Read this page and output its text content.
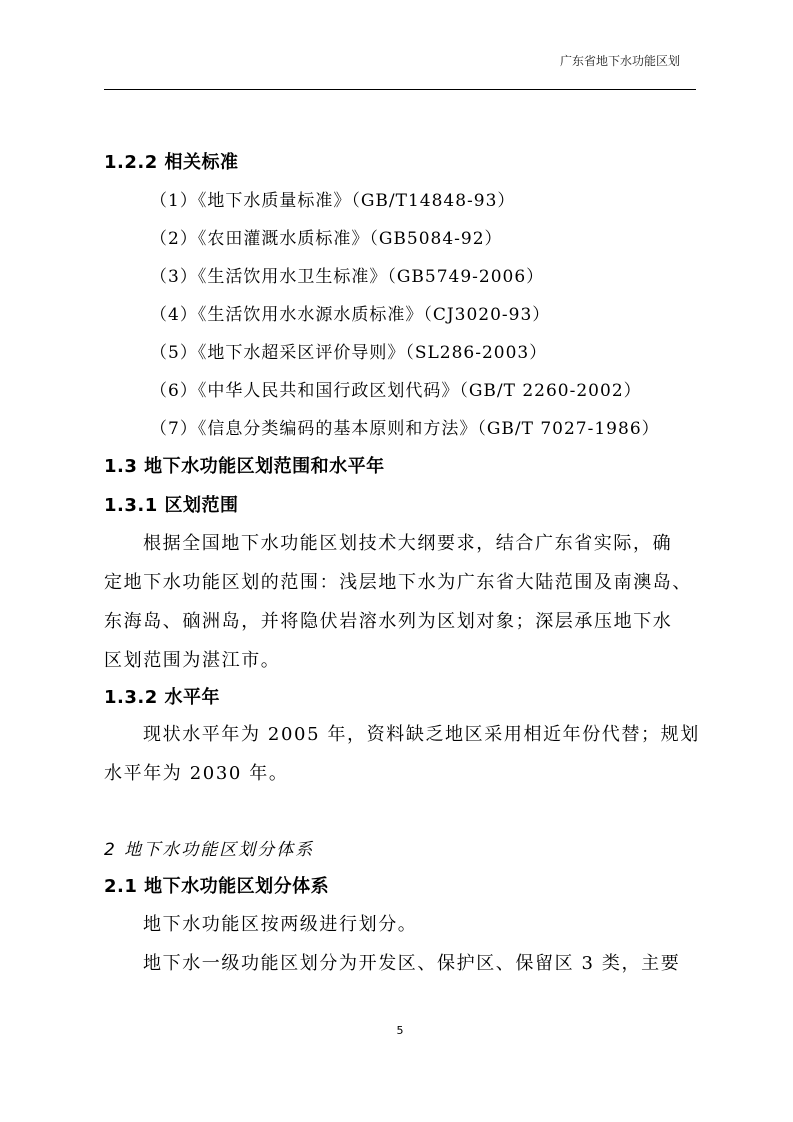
广东省地下水功能区划
1.2.2 相关标准
（1）《地下水质量标准》（GB/T14848-93）
（2）《农田灌溉水质标准》（GB5084-92）
（3）《生活饮用水卫生标准》（GB5749-2006）
（4）《生活饮用水水源水质标准》（CJ3020-93）
（5）《地下水超采区评价导则》（SL286-2003）
（6）《中华人民共和国行政区划代码》（GB/T 2260-2002）
（7）《信息分类编码的基本原则和方法》（GB/T 7027-1986）
1.3 地下水功能区划范围和水平年
1.3.1 区划范围
根据全国地下水功能区划技术大纲要求，结合广东省实际，确
定地下水功能区划的范围：浅层地下水为广东省大陆范围及南澳岛、
东海岛、硇洲岛，并将隐伏岩溶水列为区划对象；深层承压地下水
区划范围为湛江市。
1.3.2 水平年
现状水平年为 2005 年，资料缺乏地区采用相近年份代替；规划
水平年为 2030 年。
2 地下水功能区划分体系
2.1 地下水功能区划分体系
地下水功能区按两级进行划分。
地下水一级功能区划分为开发区、保护区、保留区 3 类，主要
5
